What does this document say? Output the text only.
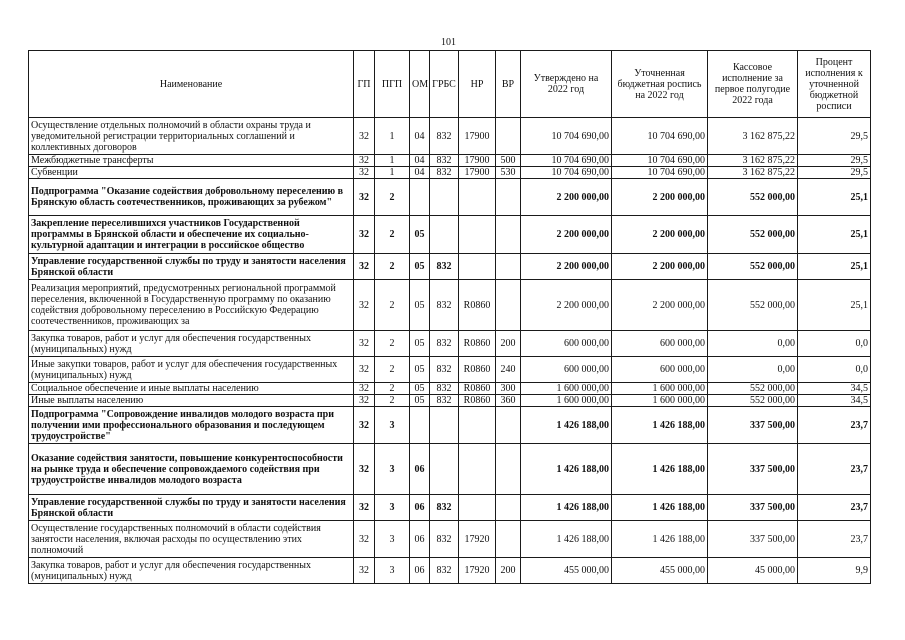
101
Наименование	ГП	ПГП	ОМ	ГРБС	НР	ВР	Утверждено на 2022 год	Уточненная бюджетная роспись на 2022 год	Кассовое исполнение за первое полугодие 2022 года	Процент исполнения к уточненной бюджетной росписи
Осуществление отдельных полномочий в области охраны труда и уведомительной регистрации территориальных соглашений и коллективных договоров	32	1	04	832	17900		10 704 690,00	10 704 690,00	3 162 875,22	29,5
Межбюджетные трансферты	32	1	04	832	17900	500	10 704 690,00	10 704 690,00	3 162 875,22	29,5
Субвенции	32	1	04	832	17900	530	10 704 690,00	10 704 690,00	3 162 875,22	29,5
Подпрограмма "Оказание содействия добровольному переселению в Брянскую область соотечественников, проживающих за рубежом"	32	2					2 200 000,00	2 200 000,00	552 000,00	25,1
Закрепление переселившихся участников Государственной программы в Брянской области и обеспечение их социально-культурной адаптации и интеграции в российское общество	32	2	05				2 200 000,00	2 200 000,00	552 000,00	25,1
Управление государственной службы по труду и занятости населения Брянской области	32	2	05	832			2 200 000,00	2 200 000,00	552 000,00	25,1
Реализация мероприятий, предусмотренных региональной программой переселения, включенной в Государственную программу по оказанию содействия добровольному переселению в Российскую Федерацию соотечественников, проживающих за	32	2	05	832	R0860		2 200 000,00	2 200 000,00	552 000,00	25,1
Закупка товаров, работ и услуг для обеспечения государственных (муниципальных) нужд	32	2	05	832	R0860	200	600 000,00	600 000,00	0,00	0,0
Иные закупки товаров, работ и услуг для обеспечения государственных (муниципальных) нужд	32	2	05	832	R0860	240	600 000,00	600 000,00	0,00	0,0
Социальное обеспечение и иные выплаты населению	32	2	05	832	R0860	300	1 600 000,00	1 600 000,00	552 000,00	34,5
Иные выплаты населению	32	2	05	832	R0860	360	1 600 000,00	1 600 000,00	552 000,00	34,5
Подпрограмма "Сопровождение инвалидов молодого возраста при получении ими профессионального образования и последующем трудоустройстве"	32	3					1 426 188,00	1 426 188,00	337 500,00	23,7
Оказание содействия занятости, повышение конкурентоспособности на рынке труда и обеспечение сопровождаемого содействия при трудоустройстве инвалидов молодого возраста	32	3	06				1 426 188,00	1 426 188,00	337 500,00	23,7
Управление государственной службы по труду и занятости населения Брянской области	32	3	06	832			1 426 188,00	1 426 188,00	337 500,00	23,7
Осуществление государственных полномочий в области содействия занятости населения, включая расходы по осуществлению этих полномочий	32	3	06	832	17920		1 426 188,00	1 426 188,00	337 500,00	23,7
Закупка товаров, работ и услуг для обеспечения государственных (муниципальных) нужд	32	3	06	832	17920	200	455 000,00	455 000,00	45 000,00	9,9
